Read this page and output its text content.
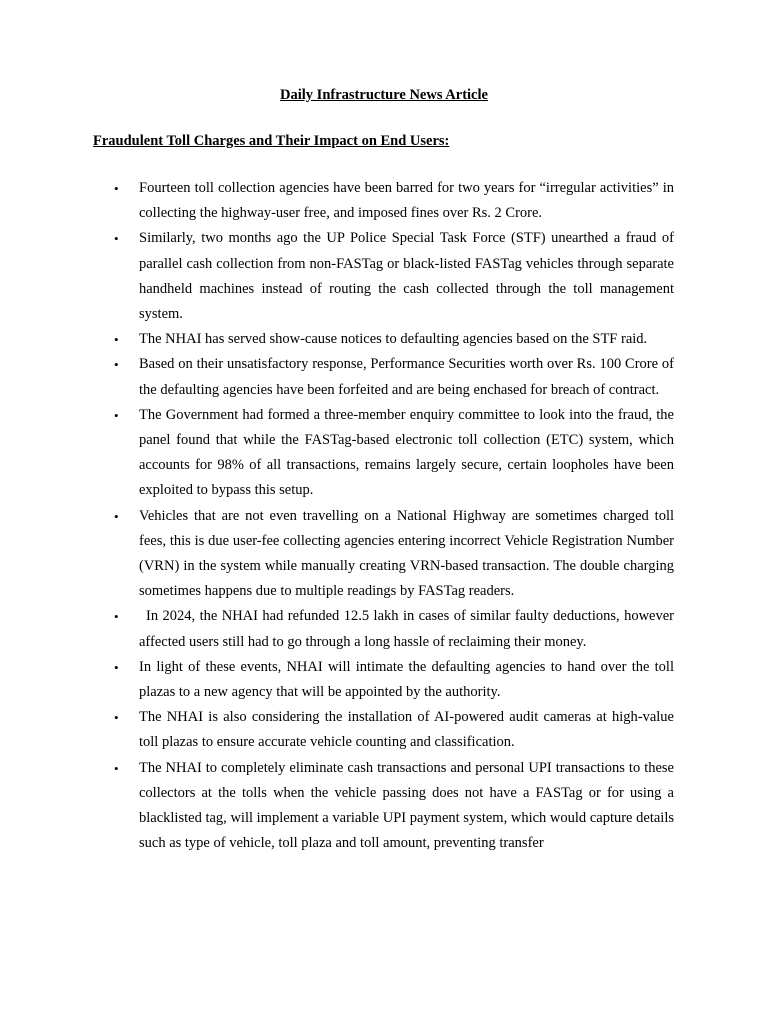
Daily Infrastructure News Article
Fraudulent Toll Charges and Their Impact on End Users:
•	Fourteen toll collection agencies have been barred for two years for “irregular activities” in collecting the highway-user free, and imposed fines over Rs. 2 Crore.
•	Similarly, two months ago the UP Police Special Task Force (STF) unearthed a fraud of parallel cash collection from non-FASTag or black-listed FASTag vehicles through separate handheld machines instead of routing the cash collected through the toll management system.
•	The NHAI has served show-cause notices to defaulting agencies based on the STF raid.
•	Based on their unsatisfactory response, Performance Securities worth over Rs. 100 Crore of the defaulting agencies have been forfeited and are being enchased for breach of contract.
•	The Government had formed a three-member enquiry committee to look into the fraud, the panel found that while the FASTag-based electronic toll collection (ETC) system, which accounts for 98% of all transactions, remains largely secure, certain loopholes have been exploited to bypass this setup.
•	Vehicles that are not even travelling on a National Highway are sometimes charged toll fees, this is due user-fee collecting agencies entering incorrect Vehicle Registration Number (VRN) in the system while manually creating VRN-based transaction. The double charging sometimes happens due to multiple readings by FASTag readers.
•	In 2024, the NHAI had refunded 12.5 lakh in cases of similar faulty deductions, however affected users still had to go through a long hassle of reclaiming their money.
•	In light of these events, NHAI will intimate the defaulting agencies to hand over the toll plazas to a new agency that will be appointed by the authority.
•	The NHAI is also considering the installation of AI-powered audit cameras at high-value toll plazas to ensure accurate vehicle counting and classification.
•	The NHAI to completely eliminate cash transactions and personal UPI transactions to these collectors at the tolls when the vehicle passing does not have a FASTag or for using a blacklisted tag, will implement a variable UPI payment system, which would capture details such as type of vehicle, toll plaza and toll amount, preventing transfer
